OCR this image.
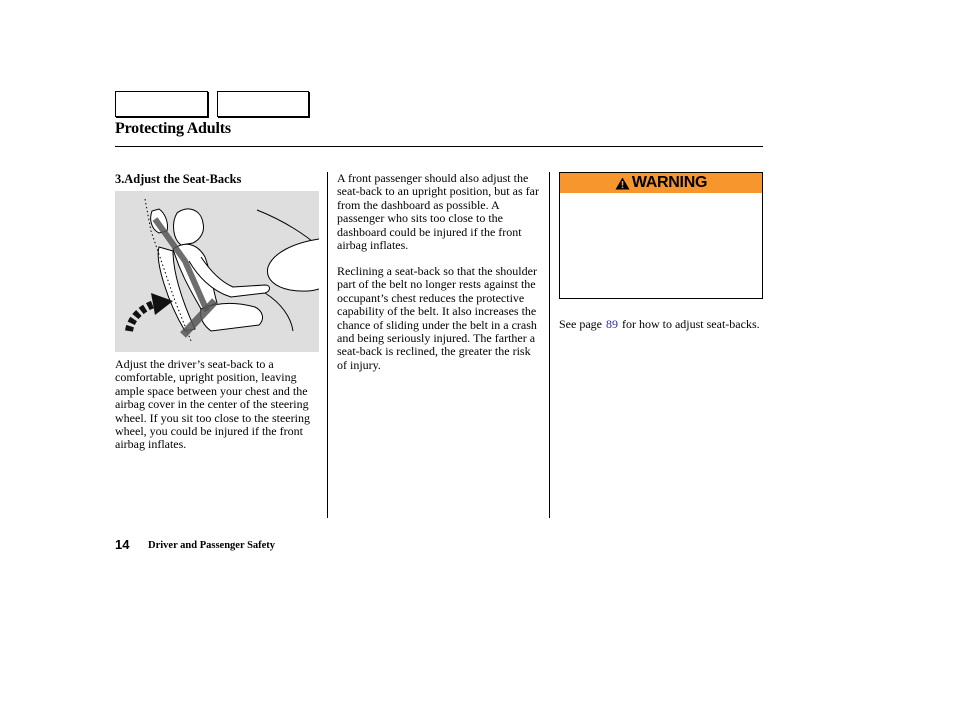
Protecting Adults
3.Adjust the Seat-Backs

Adjust the driver’s seat-back to a comfortable, upright position, leaving ample space between your chest and the airbag cover in the center of the steering wheel. If you sit too close to the steering wheel, you could be injured if the front airbag inflates.

A front passenger should also adjust the seat-back to an upright position, but as far from the dashboard as possible. A passenger who sits too close to the dashboard could be injured if the front airbag inflates.

Reclining a seat-back so that the shoulder part of the belt no longer rests against the occupant’s chest reduces the protective capability of the belt. It also increases the chance of sliding under the belt in a crash and being seriously injured. The farther a seat-back is reclined, the greater the risk of injury.

WARNING

See page 89 for how to adjust seat-backs.

14 Driver and Passenger Safety
